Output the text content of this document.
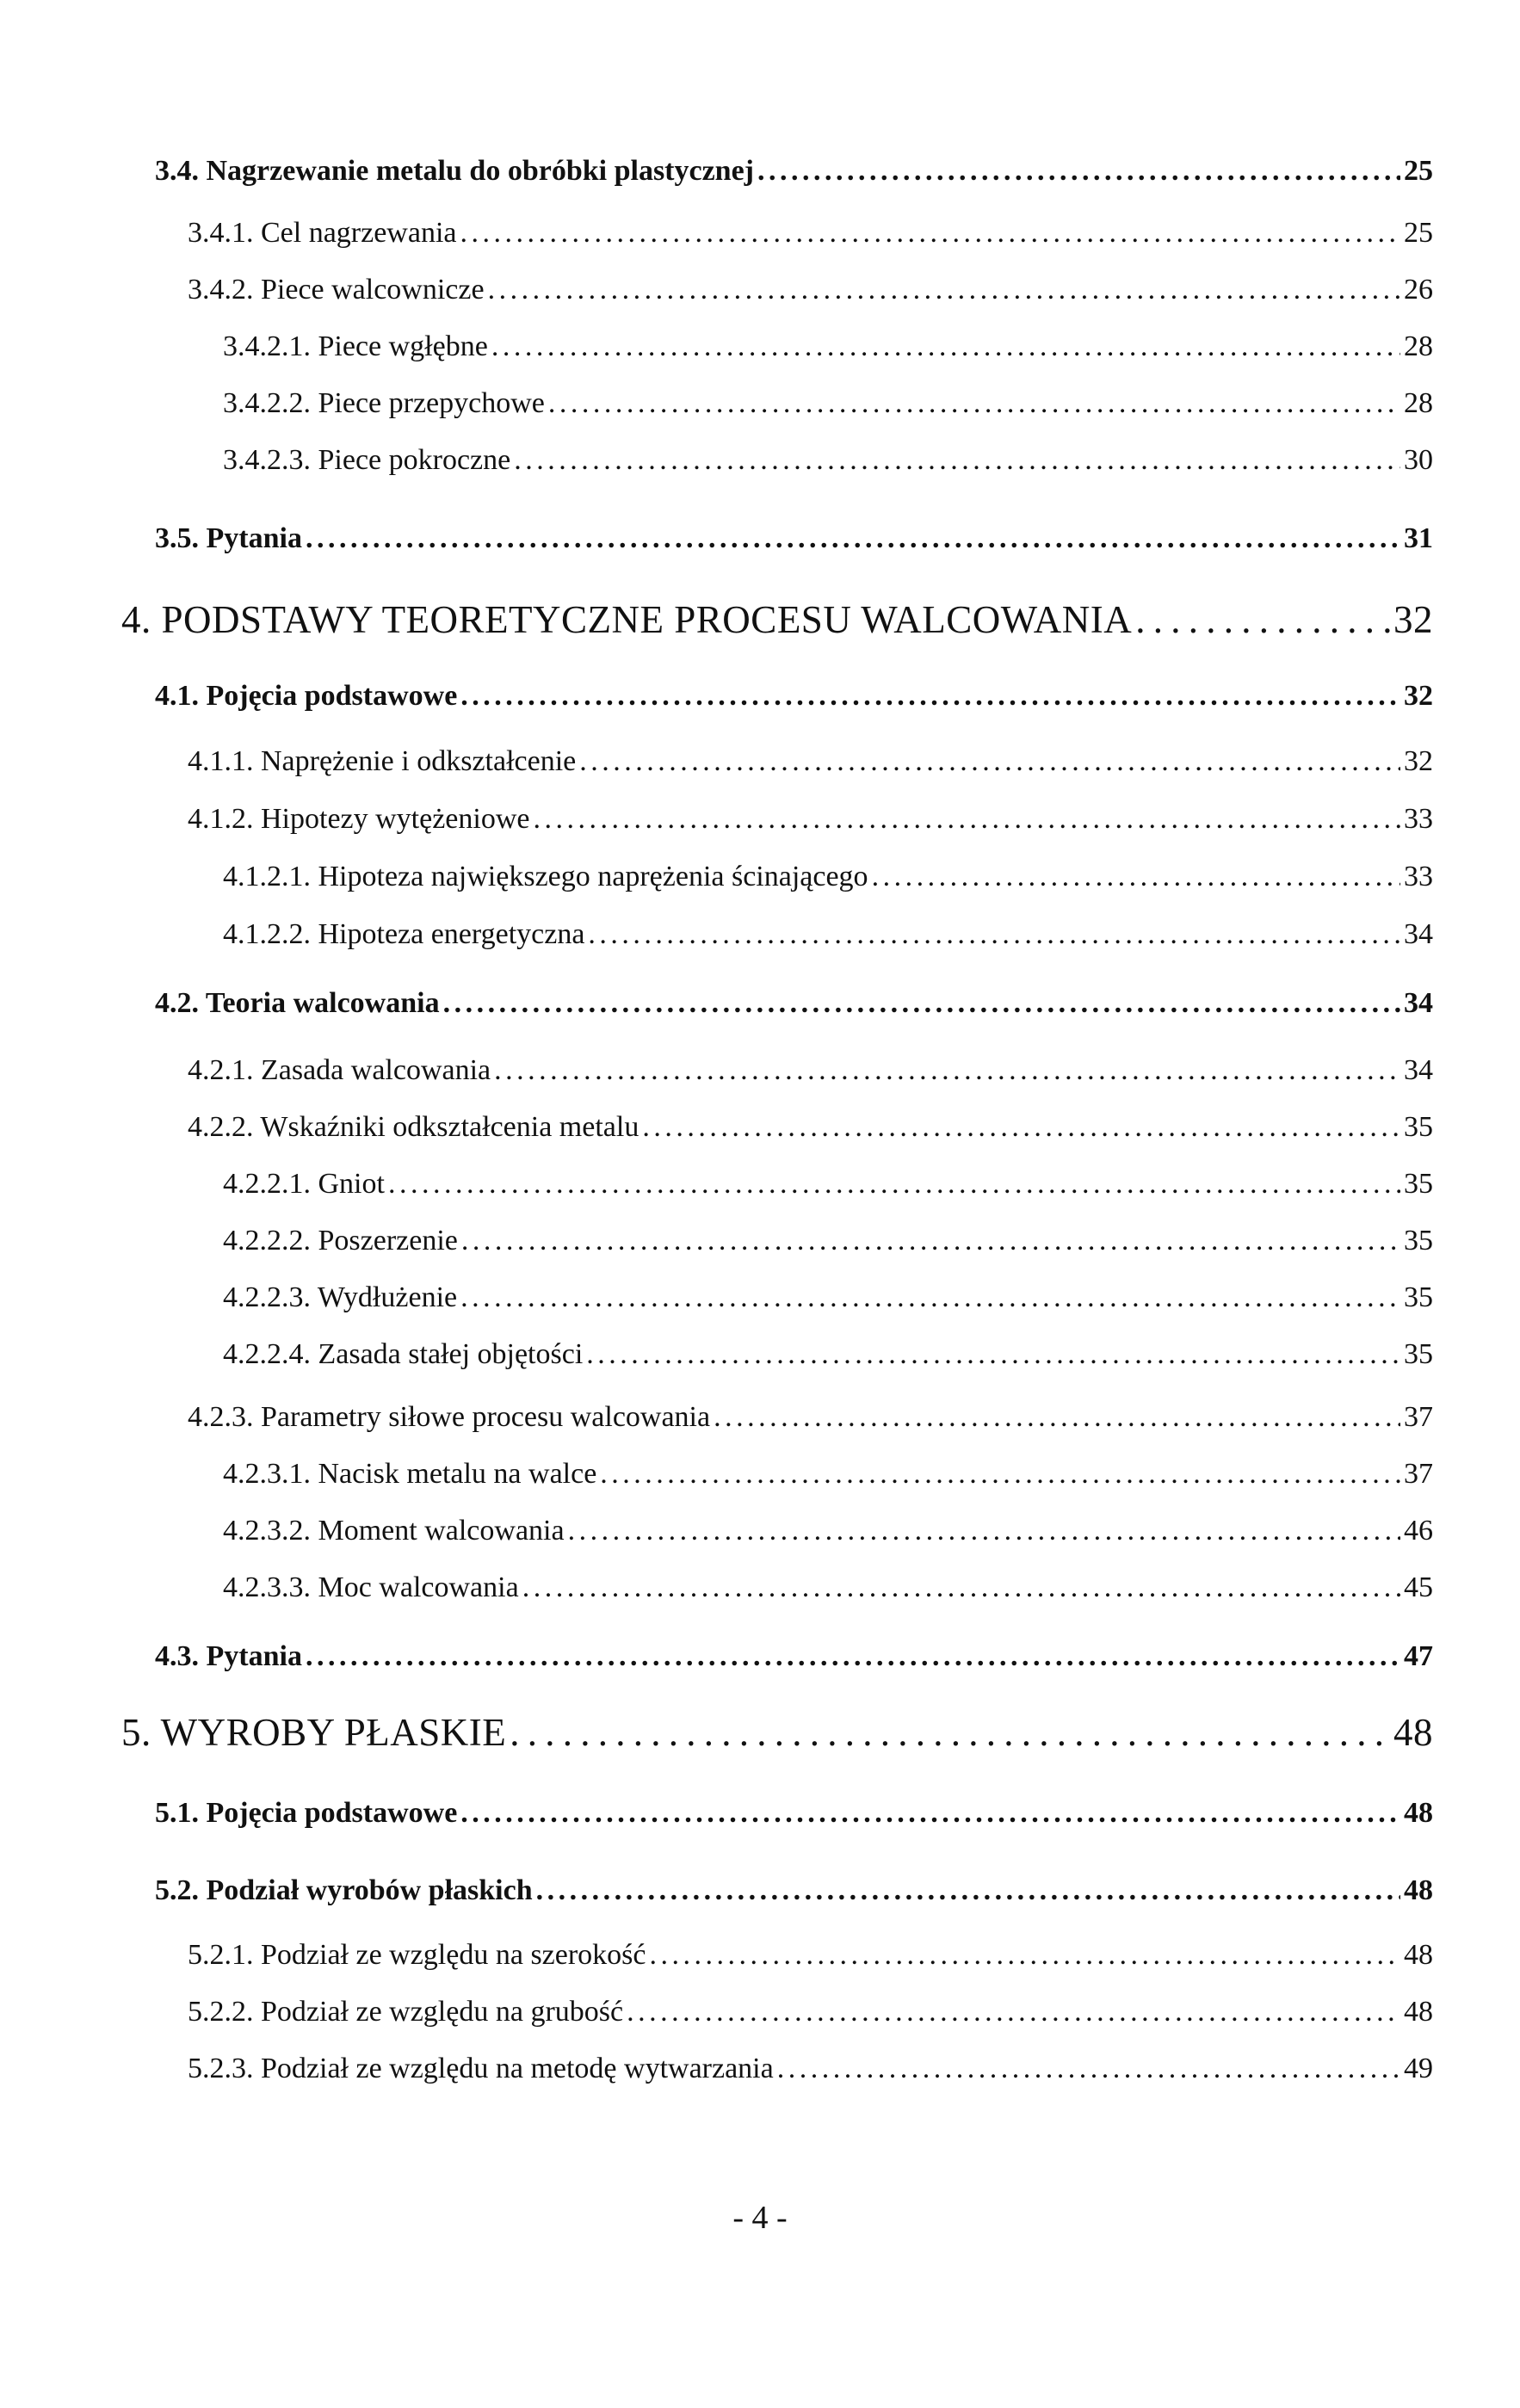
3.4. Nagrzewanie metalu do obróbki plastycznej . . .	25
3.4.1. Cel nagrzewania . . .	25
3.4.2. Piece walcownicze . . .	26
3.4.2.1. Piece wgłębne . . .	28
3.4.2.2. Piece przepychowe . . .	28
3.4.2.3. Piece pokroczne . . .	30
3.5. Pytania . . .	31
4. PODSTAWY TEORETYCZNE PROCESU WALCOWANIA . . .	32
4.1. Pojęcia podstawowe . . .	32
4.1.1. Naprężenie i odkształcenie . . .	32
4.1.2. Hipotezy wytężeniowe . . .	33
4.1.2.1. Hipoteza największego naprężenia ścinającego . . .	33
4.1.2.2. Hipoteza energetyczna . . .	34
4.2. Teoria walcowania . . .	34
4.2.1. Zasada walcowania . . .	34
4.2.2. Wskaźniki odkształcenia metalu . . .	35
4.2.2.1. Gniot . . .	35
4.2.2.2. Poszerzenie . . .	35
4.2.2.3. Wydłużenie . . .	35
4.2.2.4. Zasada stałej objętości . . .	35
4.2.3. Parametry siłowe procesu walcowania . . .	37
4.2.3.1. Nacisk metalu na walce . . .	37
4.2.3.2. Moment walcowania . . .	46
4.2.3.3. Moc walcowania . . .	45
4.3. Pytania . . .	47
5. WYROBY PŁASKIE . . .	48
5.1. Pojęcia podstawowe . . .	48
5.2. Podział wyrobów płaskich . . .	48
5.2.1. Podział ze względu na szerokość . . .	48
5.2.2. Podział ze względu na grubość . . .	48
5.2.3. Podział ze względu na metodę wytwarzania . . .	49
- 4 -
